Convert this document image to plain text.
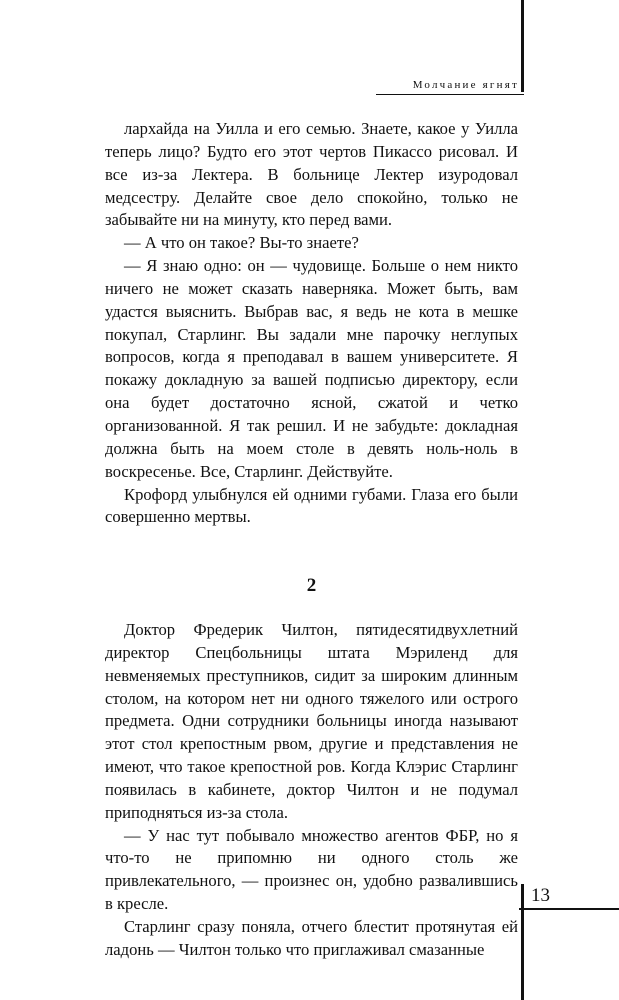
Молчание ягнят

лархайда на Уилла и его семью. Знаете, какое у Уилла теперь лицо? Будто его этот чертов Пикассо рисовал. И все из-за Лектера. В больнице Лектер изуродовал медсестру. Делайте свое дело спокойно, только не забывайте ни на минуту, кто перед вами.

— А что он такое? Вы-то знаете?

— Я знаю одно: он — чудовище. Больше о нем никто ничего не может сказать наверняка. Может быть, вам удастся выяснить. Выбрав вас, я ведь не кота в мешке покупал, Старлинг. Вы задали мне парочку неглупых вопросов, когда я преподавал в вашем университете. Я покажу докладную за вашей подписью директору, если она будет достаточно ясной, сжатой и четко организованной. Я так решил. И не забудьте: докладная должна быть на моем столе в девять ноль-ноль в воскресенье. Все, Старлинг. Действуйте.

Крофорд улыбнулся ей одними губами. Глаза его были совершенно мертвы.

2

Доктор Фредерик Чилтон, пятидесятидвухлетний директор Спецбольницы штата Мэриленд для невменяемых преступников, сидит за широким длинным столом, на котором нет ни одного тяжелого или острого предмета. Одни сотрудники больницы иногда называют этот стол крепостным рвом, другие и представления не имеют, что такое крепостной ров. Когда Клэрис Старлинг появилась в кабинете, доктор Чилтон и не подумал приподняться из-за стола.

— У нас тут побывало множество агентов ФБР, но я что-то не припомню ни одного столь же привлекательного, — произнес он, удобно развалившись в кресле.

Старлинг сразу поняла, отчего блестит протянутая ей ладонь — Чилтон только что приглаживал смазанные

13
